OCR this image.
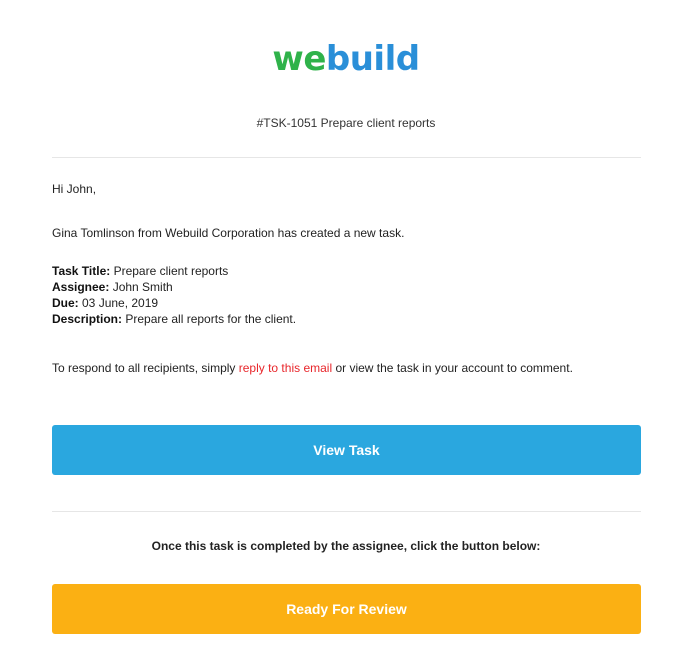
webuild
#TSK-1051 Prepare client reports
Hi John,
Gina Tomlinson from Webuild Corporation has created a new task.
Task Title: Prepare client reports
Assignee: John Smith
Due: 03 June, 2019
Description: Prepare all reports for the client.
To respond to all recipients, simply reply to this email or view the task in your account to comment.
View Task
Once this task is completed by the assignee, click the button below:
Ready For Review
